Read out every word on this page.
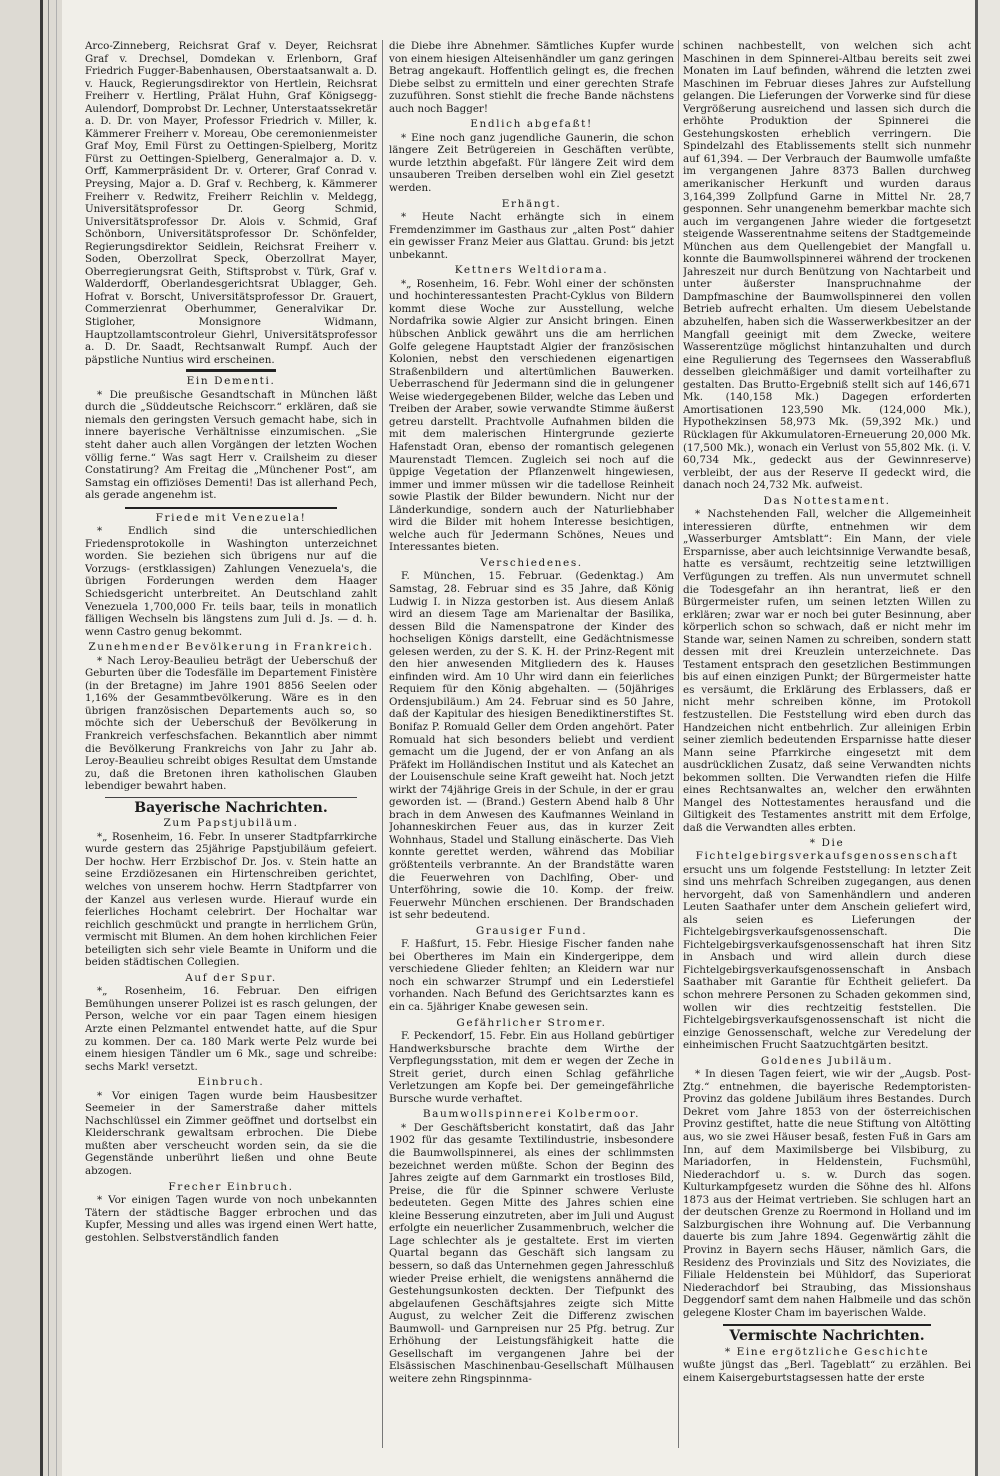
Arco-Zinneberg, Reichsrat Graf v. Deyer, Reichsrat Graf v. Drechsel, Domdekan v. Erlenborn, Graf Friedrich Fugger-Babenhausen, Oberstaatsanwalt a. D. v. Hauck, Regierungsdirektor von Hertlein, Reichsrat Freiherr v. Hertling, Prälat Huhn, Graf Königsegg-Aulendorf, Domprobst Dr. Lechner, Unterstaatssekretär a. D. Dr. von Mayer, Professor Friedrich v. Miller, k. Kämmerer Freiherr v. Moreau, Obe ceremonienmeister Graf Moy, Emil Fürst zu Oettingen-Spielberg, Moritz Fürst zu Oettingen-Spielberg, Generalmajor a. D. v. Orff, Kammerpräsident Dr. v. Orterer, Graf Conrad v. Preysing, Major a. D. Graf v. Rechberg, k. Kämmerer Freiherr v. Redwitz, Freiherr Reichlin v. Meldegg, Universitätsprofessor Dr. Georg Schmid, Universitätsprofessor Dr. Alois v. Schmid, Graf Schönborn, Universitätsprofessor Dr. Schönfelder, Regierungsdirektor Seidlein, Reichsrat Freiherr v. Soden, Oberzollrat Speck, Oberzollrat Mayer, Oberregierungsrat Geith, Stiftsprobst v. Türk, Graf v. Walderdorff, Oberlandesgerichtsrat Ublagger, Geh. Hofrat v. Borscht, Universitätsprofessor Dr. Grauert, Commerzienrat Oberhummer, Generalvikar Dr. Stigloher, Monsignore Widmann, Hauptzollamtscontroleur Giehrl, Universitätsprofessor a. D. Dr. Saadt, Rechtsanwalt Rumpf. Auch der päpstliche Nuntius wird erscheinen.

Ein Dementi.

* Die preußische Gesandtschaft in München läßt durch die „Süddeutsche Reichscorr.“ erklären, daß sie niemals den geringsten Versuch gemacht habe, sich in innere bayerische Verhältnisse einzumischen. „Sie steht daher auch allen Vorgängen der letzten Wochen völlig ferne.“ Was sagt Herr v. Crailsheim zu dieser Constatirung? Am Freitag die „Münchener Post“, am Samstag ein offiziöses Dementi! Das ist allerhand Pech, als gerade angenehm ist.

Friede mit Venezuela!

* Endlich sind die unterschiedlichen Friedensprotokolle in Washington unterzeichnet worden. Sie beziehen sich übrigens nur auf die Vorzugs- (erstklassigen) Zahlungen Venezuela's, die übrigen Forderungen werden dem Haager Schiedsgericht unterbreitet. An Deutschland zahlt Venezuela 1,700,000 Fr. teils baar, teils in monatlich fälligen Wechseln bis längstens zum Juli d. Js. — d. h. wenn Castro genug bekommt.

Zunehmender Bevölkerung in Frankreich.

* Nach Leroy-Beaulieu beträgt der Ueberschuß der Geburten über die Todesfälle im Departement Finistère (in der Bretagne) im Jahre 1901 8856 Seelen oder 1,16% der Gesammtbevölkerung. Wäre es in den übrigen französischen Departements auch so, so möchte sich der Ueberschuß der Bevölkerung in Frankreich verfeschsfachen. Bekanntlich aber nimmt die Bevölkerung Frankreichs von Jahr zu Jahr ab. Leroy-Beaulieu schreibt obiges Resultat dem Umstande zu, daß die Bretonen ihren katholischen Glauben lebendiger bewahrt haben.

Bayerische Nachrichten.
Zum Papstjubiläum.

*„ Rosenheim, 16. Febr. In unserer Stadtpfarrkirche wurde gestern das 25jährige Papstjubiläum gefeiert. Der hochw. Herr Erzbischof Dr. Jos. v. Stein hatte an seine Erzdiözesanen ein Hirtenschreiben gerichtet, welches von unserem hochw. Herrn Stadtpfarrer von der Kanzel aus verlesen wurde. Hierauf wurde ein feierliches Hochamt celebrirt. Der Hochaltar war reichlich geschmückt und prangte in herrlichem Grün, vermischt mit Blumen. An dem hohen kirchlichen Feier beteiligten sich sehr viele Beamte in Uniform und die beiden städtischen Collegien.

Auf der Spur.

*„ Rosenheim, 16. Februar. Den eifrigen Bemühungen unserer Polizei ist es rasch gelungen, der Person, welche vor ein paar Tagen einem hiesigen Arzte einen Pelzmantel entwendet hatte, auf die Spur zu kommen. Der ca. 180 Mark werte Pelz wurde bei einem hiesigen Tändler um 6 Mk., sage und schreibe: sechs Mark! versetzt.

Einbruch.

* Vor einigen Tagen wurde beim Hausbesitzer Seemeier in der Samerstraße daher mittels Nachschlüssel ein Zimmer geöffnet und dortselbst ein Kleiderschrank gewaltsam erbrochen. Die Diebe mußten aber verscheucht worden sein, da sie die Gegenstände unberührt ließen und ohne Beute abzogen.

Frecher Einbruch.

* Vor einigen Tagen wurde von noch unbekannten Tätern der städtische Bagger erbrochen und das Kupfer, Messing und alles was irgend einen Wert hatte, gestohlen. Selbstverständlich fanden

die Diebe ihre Abnehmer. Sämtliches Kupfer wurde von einem hiesigen Alteisenhändler um ganz geringen Betrag angekauft. Hoffentlich gelingt es, die frechen Diebe selbst zu ermitteln und einer gerechten Strafe zuzuführen. Sonst stiehlt die freche Bande nächstens auch noch Bagger!

Endlich abgefaßt!

* Eine noch ganz jugendliche Gaunerin, die schon längere Zeit Betrügereien in Geschäften verübte, wurde letzthin abgefaßt. Für längere Zeit wird dem unsauberen Treiben derselben wohl ein Ziel gesetzt werden.

Erhängt.

* Heute Nacht erhängte sich in einem Fremdenzimmer im Gasthaus zur „alten Post“ dahier ein gewisser Franz Meier aus Glattau. Grund: bis jetzt unbekannt.

Kettners Weltdiorama.

*„ Rosenheim, 16. Febr. Wohl einer der schönsten und hochinteressantesten Pracht-Cyklus von Bildern kommt diese Woche zur Ausstellung, welche Nordafrika sowie Algier zur Ansicht bringen. Einen hübschen Anblick gewährt uns die am herrlichen Golfe gelegene Hauptstadt Algier der französischen Kolonien, nebst den verschiedenen eigenartigen Straßenbildern und altertümlichen Bauwerken. Ueberraschend für Jedermann sind die in gelungener Weise wiedergegebenen Bilder, welche das Leben und Treiben der Araber, sowie verwandte Stimme äußerst getreu darstellt. Prachtvolle Aufnahmen bilden die mit dem malerischen Hintergrunde gezierte Hafenstadt Oran, ebenso der romantisch gelegenen Maurenstadt Tlemcen. Zugleich sei noch auf die üppige Vegetation der Pflanzenwelt hingewiesen, immer und immer müssen wir die tadellose Reinheit sowie Plastik der Bilder bewundern. Nicht nur der Länderkundige, sondern auch der Naturliebhaber wird die Bilder mit hohem Interesse besichtigen, welche auch für Jedermann Schönes, Neues und Interessantes bieten.

Verschiedenes.

F. München, 15. Februar. (Gedenktag.) Am Samstag, 28. Februar sind es 35 Jahre, daß König Ludwig I. in Nizza gestorben ist. Aus diesem Anlaß wird an diesem Tage am Marienaltar der Basilika, dessen Bild die Namenspatrone der Kinder des hochseligen Königs darstellt, eine Gedächtnismesse gelesen werden, zu der S. K. H. der Prinz-Regent mit den hier anwesenden Mitgliedern des k. Hauses einfinden wird. Am 10 Uhr wird dann ein feierliches Requiem für den König abgehalten. — (50jähriges Ordensjubiläum.) Am 24. Februar sind es 50 Jahre, daß der Kapitular des hiesigen Benediktinerstiftes St. Bonifaz P. Romuald Geller dem Orden angehört. Pater Romuald hat sich besonders beliebt und verdient gemacht um die Jugend, der er von Anfang an als Präfekt im Holländischen Institut und als Katechet an der Louisenschule seine Kraft geweiht hat. Noch jetzt wirkt der 74jährige Greis in der Schule, in der er grau geworden ist. — (Brand.) Gestern Abend halb 8 Uhr brach in dem Anwesen des Kaufmannes Weinland in Johanneskirchen Feuer aus, das in kurzer Zeit Wohnhaus, Stadel und Stallung einäscherte. Das Vieh konnte gerettet werden, während das Mobiliar größtenteils verbrannte. An der Brandstätte waren die Feuerwehren von Dachlfing, Ober- und Unterföhring, sowie die 10. Komp. der freiw. Feuerwehr München erschienen. Der Brandschaden ist sehr bedeutend.

Grausiger Fund.

F. Haßfurt, 15. Febr. Hiesige Fischer fanden nahe bei Obertheres im Main ein Kindergerippe, dem verschiedene Glieder fehlten; an Kleidern war nur noch ein schwarzer Strumpf und ein Lederstiefel vorhanden. Nach Befund des Gerichtsarztes kann es ein ca. 5jähriger Knabe gewesen sein.

Gefährlicher Stromer.

F. Peckendorf, 15. Febr. Ein aus Holland gebürtiger Handwerksbursche brachte dem Wirthe der Verpflegungsstation, mit dem er wegen der Zeche in Streit geriet, durch einen Schlag gefährliche Verletzungen am Kopfe bei. Der gemeingefährliche Bursche wurde verhaftet.

Baumwollspinnerei Kolbermoor.

* Der Geschäftsbericht konstatirt, daß das Jahr 1902 für das gesamte Textilindustrie, insbesondere die Baumwollspinnerei, als eines der schlimmsten bezeichnet werden müßte. Schon der Beginn des Jahres zeigte auf dem Garnmarkt ein trostloses Bild, Preise, die für die Spinner schwere Verluste bedeuteten. Gegen Mitte des Jahres schien eine kleine Besserung einzutreten, aber im Juli und August erfolgte ein neuerlicher Zusammenbruch, welcher die Lage schlechter als je gestaltete. Erst im vierten Quartal begann das Geschäft sich langsam zu bessern, so daß das Unternehmen gegen Jahresschluß wieder Preise erhielt, die wenigstens annähernd die Gestehungsunkosten deckten. Der Tiefpunkt des abgelaufenen Geschäftsjahres zeigte sich Mitte August, zu welcher Zeit die Differenz zwischen Baumwoll- und Garnpreisen nur 25 Pfg. betrug. Zur Erhöhung der Leistungsfähigkeit hatte die Gesellschaft im vergangenen Jahre bei der Elsässischen Maschinenbau-Gesellschaft Mülhausen weitere zehn Ringspinnma-

schinen nachbestellt, von welchen sich acht Maschinen in dem Spinnerei-Altbau bereits seit zwei Monaten im Lauf befinden, während die letzten zwei Maschinen im Februar dieses Jahres zur Aufstellung gelangen. Die Lieferungen der Vorwerke sind für diese Vergrößerung ausreichend und lassen sich durch die erhöhte Produktion der Spinnerei die Gestehungskosten erheblich verringern. Die Spindelzahl des Etablissements stellt sich nunmehr auf 61,394. — Der Verbrauch der Baumwolle umfaßte im vergangenen Jahre 8373 Ballen durchweg amerikanischer Herkunft und wurden daraus 3,164,399 Zollpfund Garne in Mittel Nr. 28,7 gesponnen. Sehr unangenehm bemerkbar machte sich auch im vergangenen Jahre wieder die fortgesetzt steigende Wasserentnahme seitens der Stadtgemeinde München aus dem Quellengebiet der Mangfall u. konnte die Baumwollspinnerei während der trockenen Jahreszeit nur durch Benützung von Nachtarbeit und unter äußerster Inanspruchnahme der Dampfmaschine der Baumwollspinnerei den vollen Betrieb aufrecht erhalten. Um diesem Uebelstande abzuhelfen, haben sich die Wasserwerkbesitzer an der Mangfall geeinigt mit dem Zwecke, weitere Wasserentzüge möglichst hintanzuhalten und durch eine Regulierung des Tegernsees den Wasserabfluß desselben gleichmäßiger und damit vorteilhafter zu gestalten. Das Brutto-Ergebniß stellt sich auf 146,671 Mk. (140,158 Mk.) Dagegen erforderten Amortisationen 123,590 Mk. (124,000 Mk.), Hypothekzinsen 58,973 Mk. (59,392 Mk.) und Rücklagen für Akkumulatoren-Erneuerung 20,000 Mk. (17,500 Mk.), wonach ein Verlust von 55,802 Mk. (i. V. 60,734 Mk., gedeckt aus der Gewinnreserve) verbleibt, der aus der Reserve II gedeckt wird, die danach noch 24,732 Mk. aufweist.

Das Nottestament.

* Nachstehenden Fall, welcher die Allgemeinheit interessieren dürfte, entnehmen wir dem „Wasserburger Amtsblatt“: Ein Mann, der viele Ersparnisse, aber auch leichtsinnige Verwandte besaß, hatte es versäumt, rechtzeitig seine letztwilligen Verfügungen zu treffen. Als nun unvermutet schnell die Todesgefahr an ihn herantrat, ließ er den Bürgermeister rufen, um seinen letzten Willen zu erklären; zwar war er noch bei guter Besinnung, aber körperlich schon so schwach, daß er nicht mehr im Stande war, seinen Namen zu schreiben, sondern statt dessen mit drei Kreuzlein unterzeichnete. Das Testament entsprach den gesetzlichen Bestimmungen bis auf einen einzigen Punkt; der Bürgermeister hatte es versäumt, die Erklärung des Erblassers, daß er nicht mehr schreiben könne, im Protokoll festzustellen. Die Feststellung wird eben durch das Handzeichen nicht entbehrlich. Zur alleinigen Erbin seiner ziemlich bedeutenden Ersparnisse hatte dieser Mann seine Pfarrkirche eingesetzt mit dem ausdrücklichen Zusatz, daß seine Verwandten nichts bekommen sollten. Die Verwandten riefen die Hilfe eines Rechtsanwaltes an, welcher den erwähnten Mangel des Nottestamentes herausfand und die Giltigkeit des Testamentes anstritt mit dem Erfolge, daß die Verwandten alles erbten.

* Die Fichtelgebirgsverkaufsgenossenschaft

ersucht uns um folgende Feststellung: In letzter Zeit sind uns mehrfach Schreiben zugegangen, aus denen hervorgeht, daß von Samenhändlern und anderen Leuten Saathafer unter dem Anschein geliefert wird, als seien es Lieferungen der Fichtelgebirgsverkaufsgenossenschaft. Die Fichtelgebirgsverkaufsgenossenschaft hat ihren Sitz in Ansbach und wird allein durch diese Fichtelgebirgsverkaufsgenossenschaft in Ansbach Saathaber mit Garantie für Echtheit geliefert. Da schon mehrere Personen zu Schaden gekommen sind, wollen wir dies rechtzeitig feststellen. Die Fichtelgebirgsverkaufsgenossenschaft ist nicht die einzige Genossenschaft, welche zur Veredelung der einheimischen Frucht Saatzuchtgärten besitzt.

Goldenes Jubiläum.

* In diesen Tagen feiert, wie wir der „Augsb. Post-Ztg.“ entnehmen, die bayerische Redemptoristen-Provinz das goldene Jubiläum ihres Bestandes. Durch Dekret vom Jahre 1853 von der österreichischen Provinz gestiftet, hatte die neue Stiftung von Altötting aus, wo sie zwei Häuser besaß, festen Fuß in Gars am Inn, auf dem Maximilsberge bei Vilsbiburg, zu Mariadorfen, in Heldenstein, Fuchsmühl, Niederachdorf u. s. w. Durch das sogen. Kulturkampfgesetz wurden die Söhne des hl. Alfons 1873 aus der Heimat vertrieben. Sie schlugen hart an der deutschen Grenze zu Roermond in Holland und im Salzburgischen ihre Wohnung auf. Die Verbannung dauerte bis zum Jahre 1894. Gegenwärtig zählt die Provinz in Bayern sechs Häuser, nämlich Gars, die Residenz des Provinzials und Sitz des Noviziates, die Filiale Heldenstein bei Mühldorf, das Superiorat Niederachdorf bei Straubing, das Missionshaus Deggendorf samt dem nahen Halbmeile und das schön gelegene Kloster Cham im bayerischen Walde.

Vermischte Nachrichten.
* Eine ergötzliche Geschichte

wußte jüngst das „Berl. Tageblatt“ zu erzählen. Bei einem Kaisergeburtstagsessen hatte der erste
